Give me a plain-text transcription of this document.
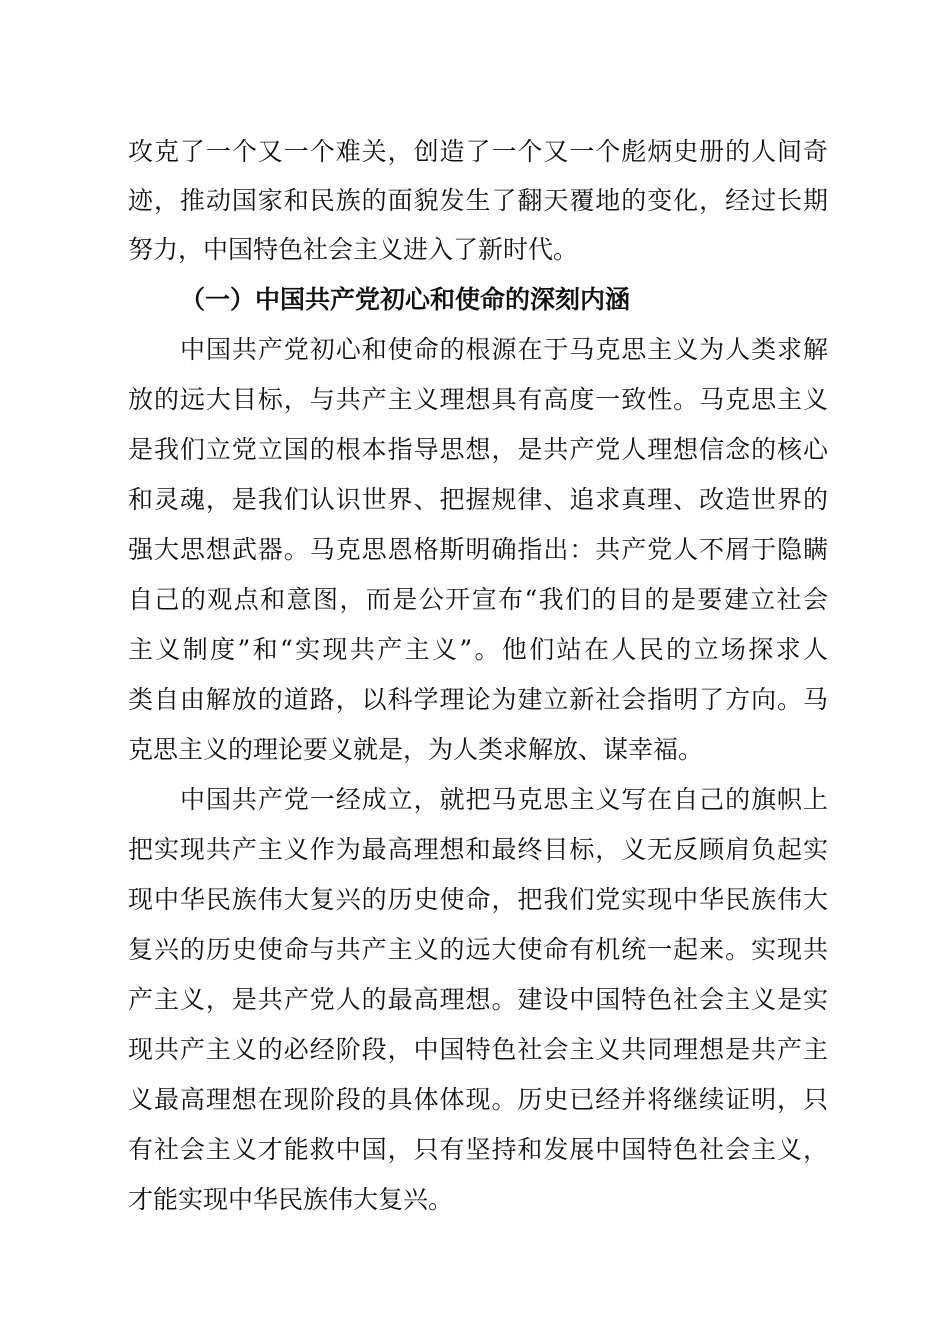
攻克了一个又一个难关，创造了一个又一个彪炳史册的人间奇
迹，推动国家和民族的面貌发生了翻天覆地的变化，经过长期
努力，中国特色社会主义进入了新时代。
（一）中国共产党初心和使命的深刻内涵
中国共产党初心和使命的根源在于马克思主义为人类求解
放的远大目标，与共产主义理想具有高度一致性。马克思主义
是我们立党立国的根本指导思想，是共产党人理想信念的核心
和灵魂，是我们认识世界、把握规律、追求真理、改造世界的
强大思想武器。马克思恩格斯明确指出：共产党人不屑于隐瞒
自己的观点和意图，而是公开宣布“我们的目的是要建立社会
主义制度”和“实现共产主义”。他们站在人民的立场探求人
类自由解放的道路，以科学理论为建立新社会指明了方向。马
克思主义的理论要义就是，为人类求解放、谋幸福。
中国共产党一经成立，就把马克思主义写在自己的旗帜上
把实现共产主义作为最高理想和最终目标，义无反顾肩负起实
现中华民族伟大复兴的历史使命，把我们党实现中华民族伟大
复兴的历史使命与共产主义的远大使命有机统一起来。实现共
产主义，是共产党人的最高理想。建设中国特色社会主义是实
现共产主义的必经阶段，中国特色社会主义共同理想是共产主
义最高理想在现阶段的具体体现。历史已经并将继续证明，只
有社会主义才能救中国，只有坚持和发展中国特色社会主义，
才能实现中华民族伟大复兴。
